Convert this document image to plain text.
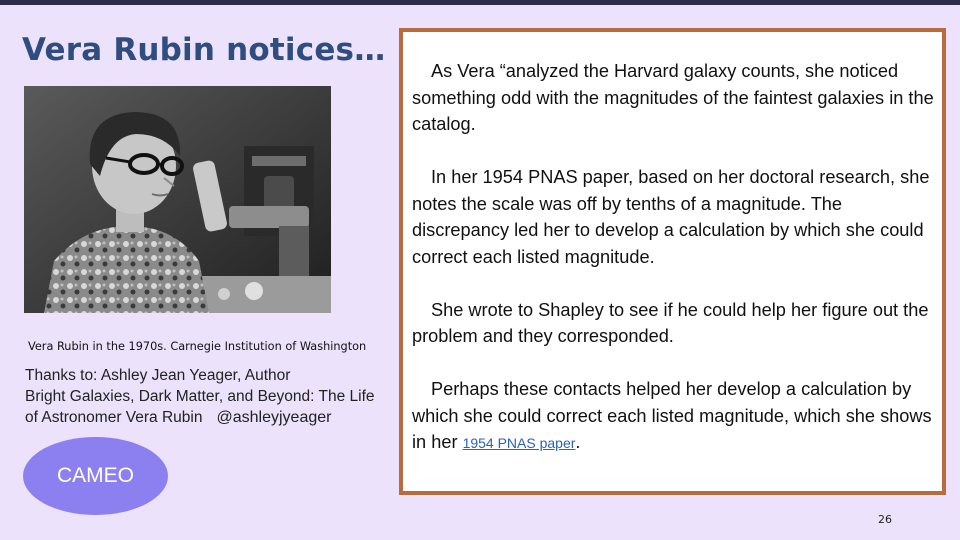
Vera Rubin notices…
Vera Rubin in the 1970s. Carnegie Institution of Washington
Thanks to: Ashley Jean Yeager, Author
Bright Galaxies, Dark Matter, and Beyond: The Life
of Astronomer Vera Rubin @ashleyjyeager
CAMEO

As Vera “analyzed the Harvard galaxy counts, she noticed something odd with the magnitudes of the faintest galaxies in the catalog.

In her 1954 PNAS paper, based on her doctoral research, she notes the scale was off by tenths of a magnitude. The discrepancy led her to develop a calculation by which she could correct each listed magnitude.

She wrote to Shapley to see if he could help her figure out the problem and they corresponded.

Perhaps these contacts helped her develop a calculation by which she could correct each listed magnitude, which she shows in her 1954 PNAS paper.

26
